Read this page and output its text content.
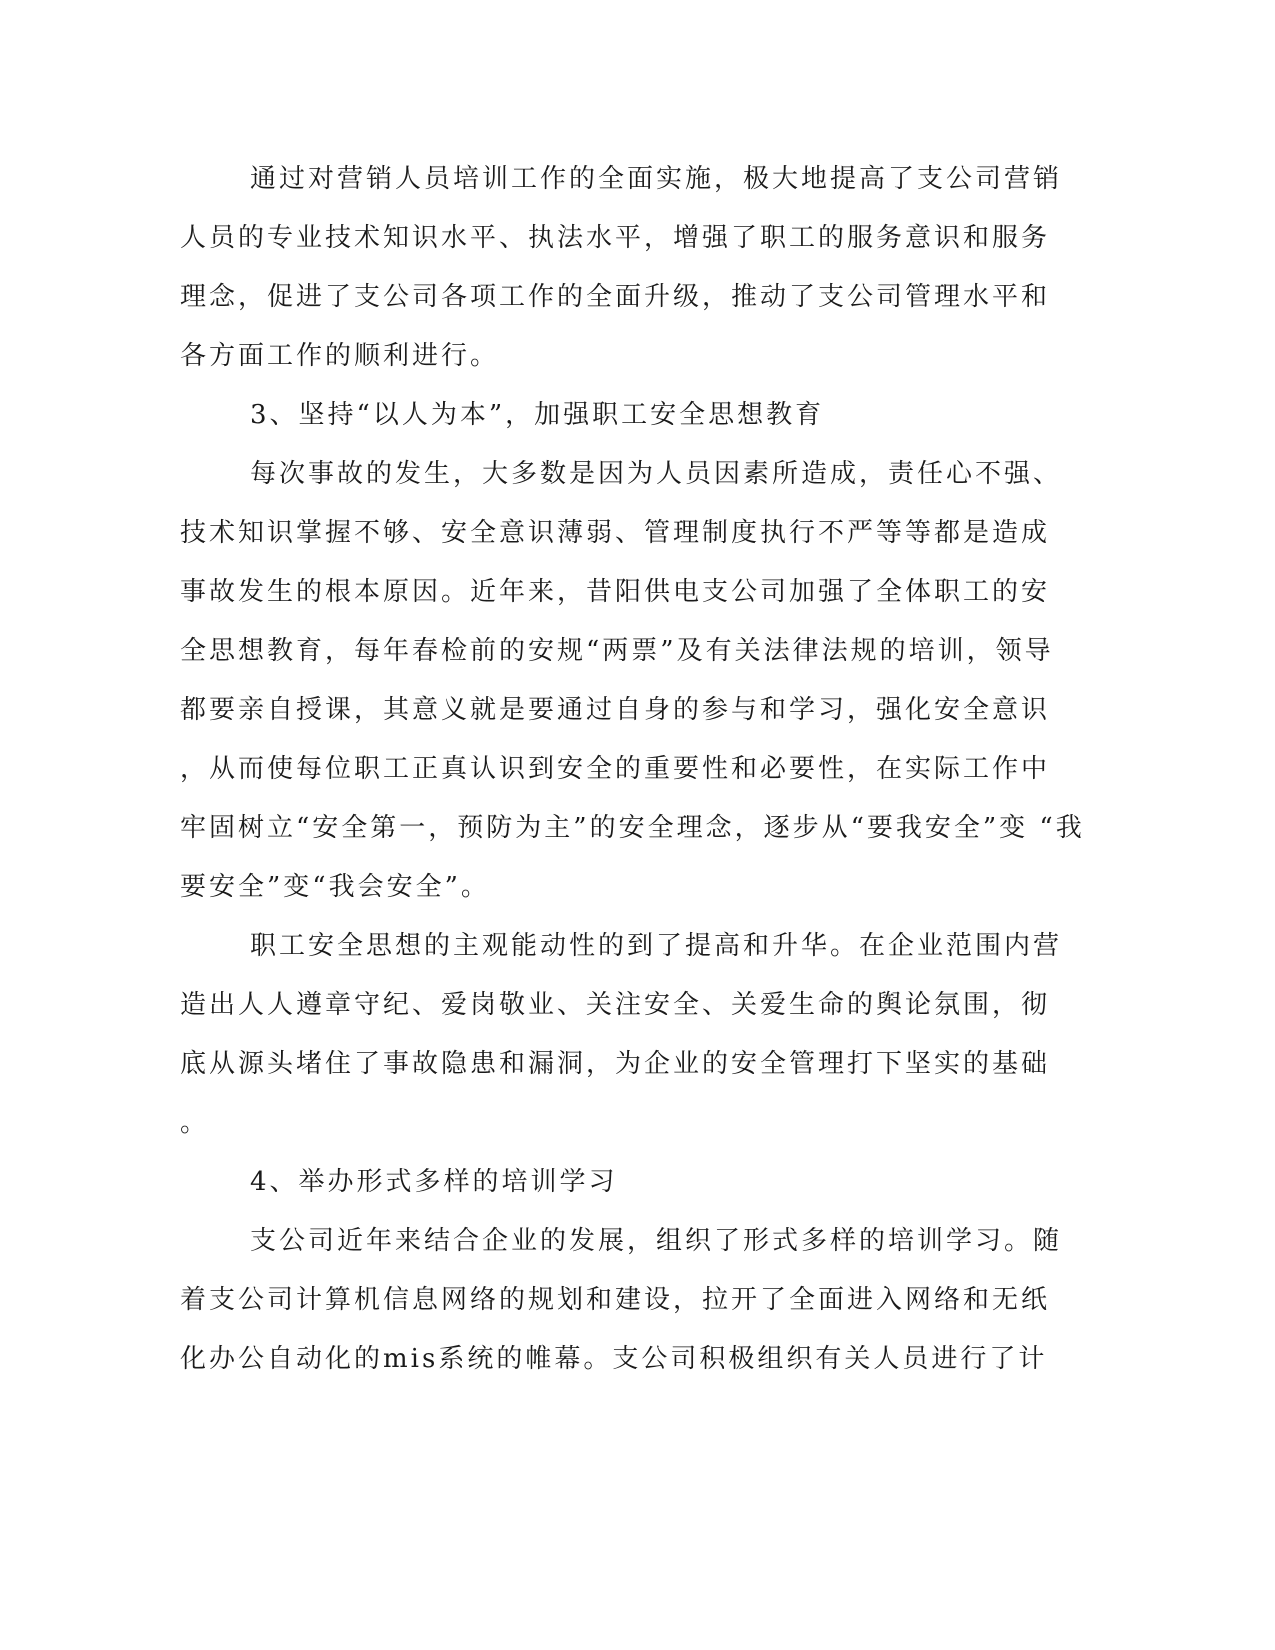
通过对营销人员培训工作的全面实施，极大地提高了支公司营销
人员的专业技术知识水平、执法水平，增强了职工的服务意识和服务
理念，促进了支公司各项工作的全面升级，推动了支公司管理水平和
各方面工作的顺利进行。
3、坚持“以人为本”，加强职工安全思想教育
每次事故的发生，大多数是因为人员因素所造成，责任心不强、
技术知识掌握不够、安全意识薄弱、管理制度执行不严等等都是造成
事故发生的根本原因。近年来，昔阳供电支公司加强了全体职工的安
全思想教育，每年春检前的安规“两票”及有关法律法规的培训，领导
都要亲自授课，其意义就是要通过自身的参与和学习，强化安全意识
，从而使每位职工正真认识到安全的重要性和必要性，在实际工作中
牢固树立“安全第一，预防为主”的安全理念，逐步从“要我安全”变 “我
要安全”变“我会安全”。
职工安全思想的主观能动性的到了提高和升华。在企业范围内营
造出人人遵章守纪、爱岗敬业、关注安全、关爱生命的舆论氛围，彻
底从源头堵住了事故隐患和漏洞，为企业的安全管理打下坚实的基础
。
4、举办形式多样的培训学习
支公司近年来结合企业的发展，组织了形式多样的培训学习。随
着支公司计算机信息网络的规划和建设，拉开了全面进入网络和无纸
化办公自动化的mis系统的帷幕。支公司积极组织有关人员进行了计
